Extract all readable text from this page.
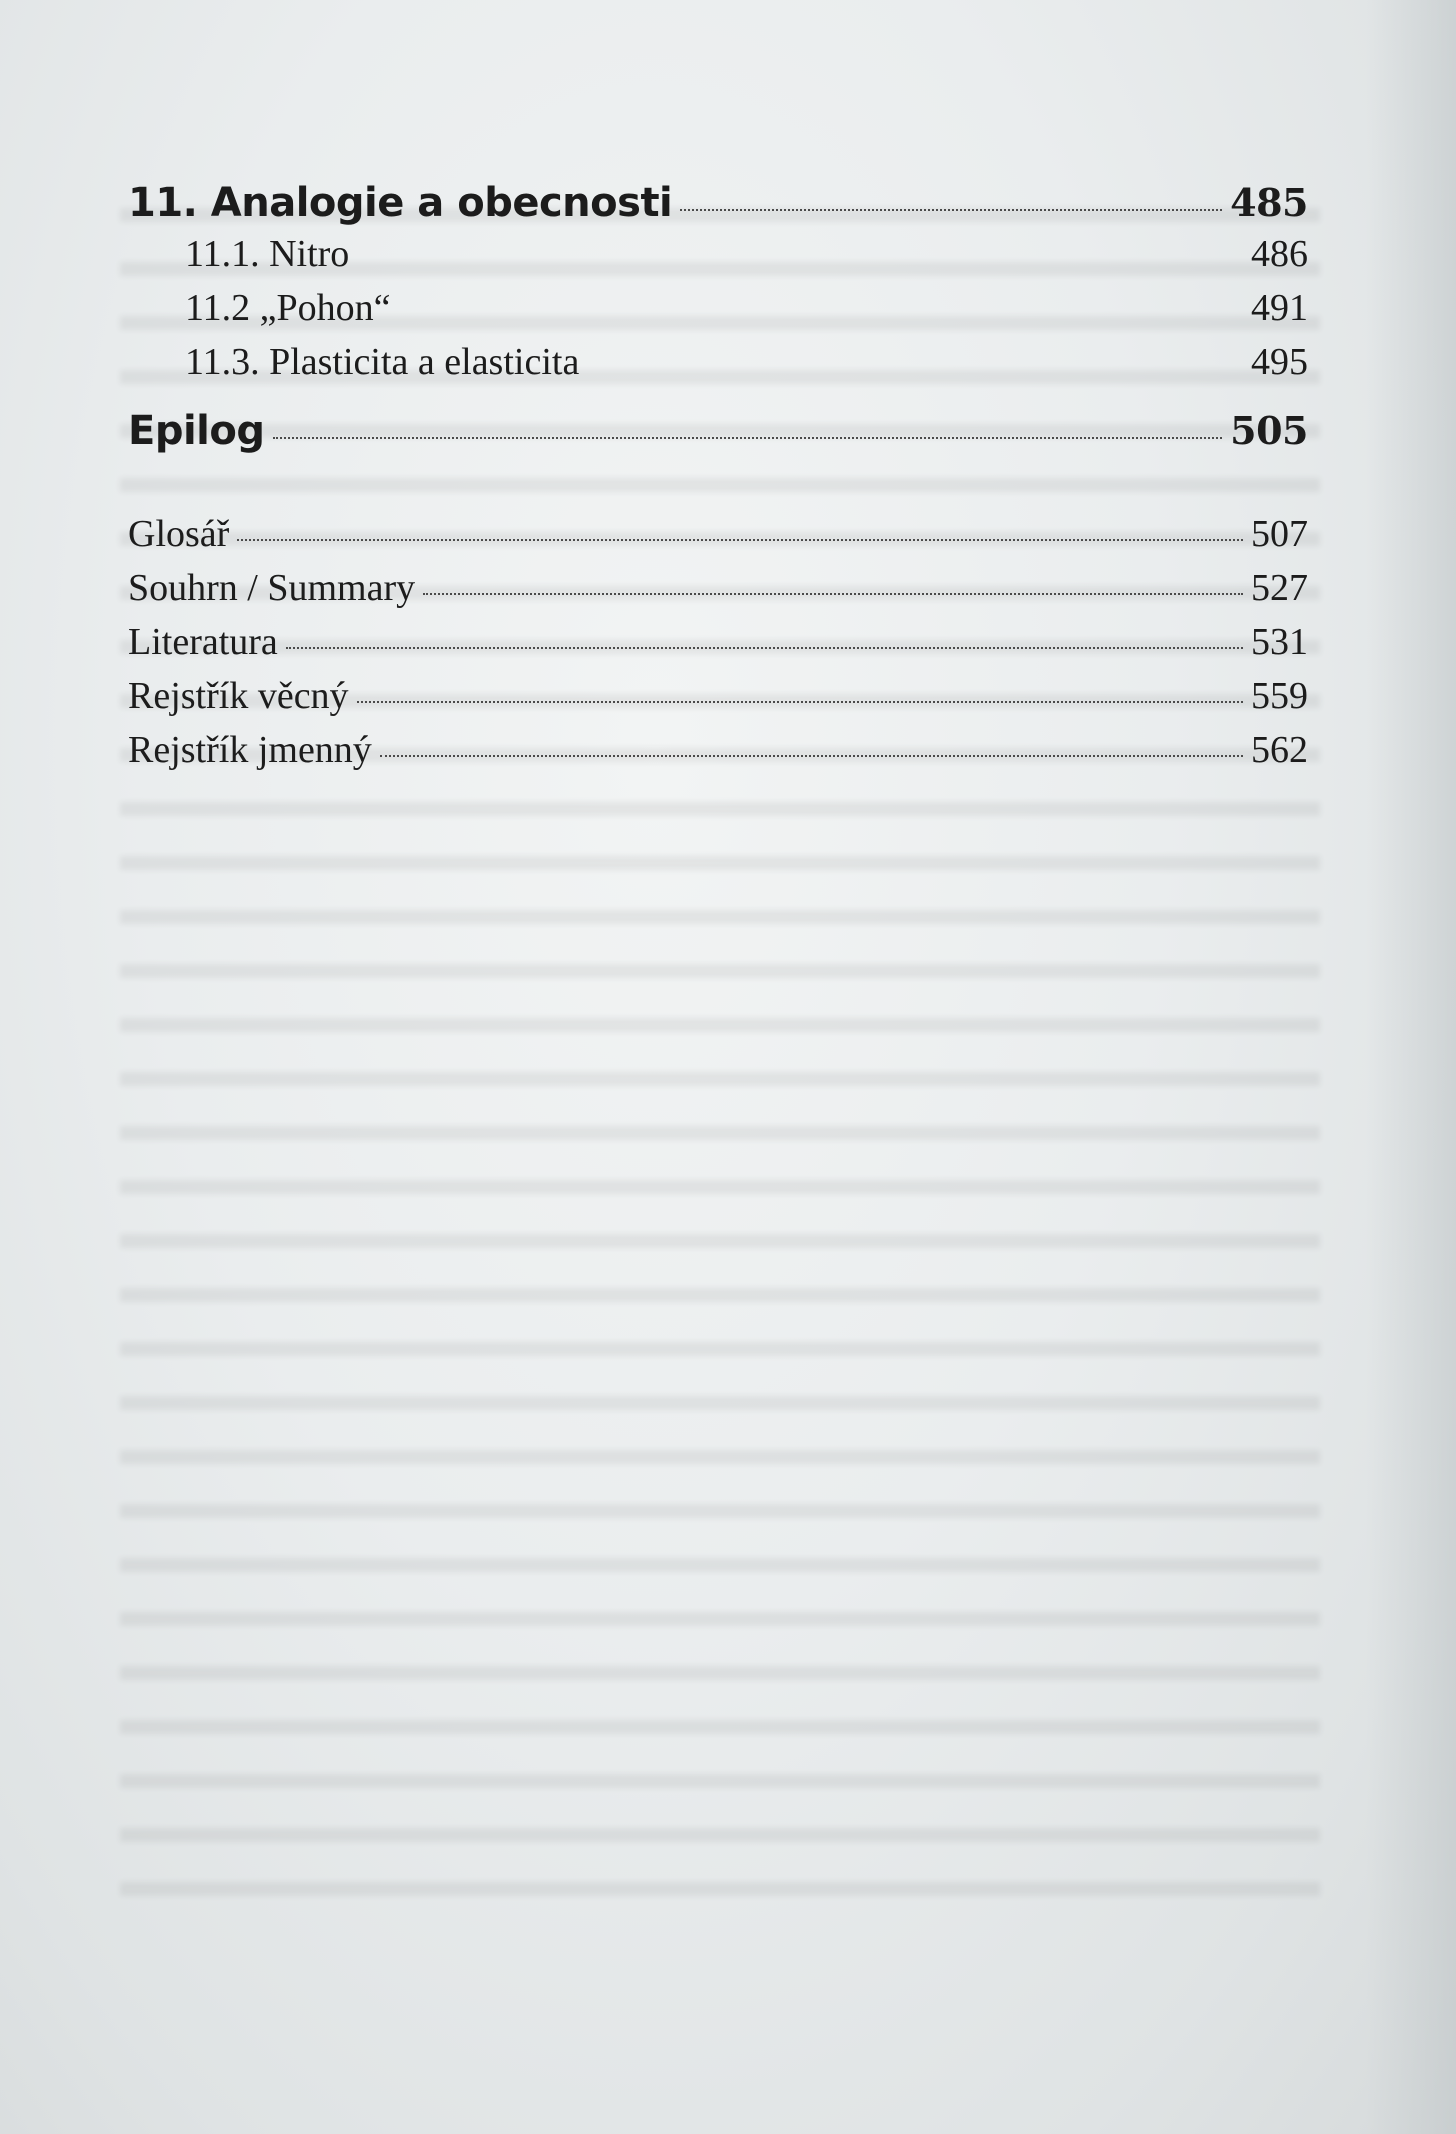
11. Analogie a obecnosti	485
11.1. Nitro	486
11.2 „Pohon“	491
11.3. Plasticita a elasticita	495
Epilog	505
Glosář	507
Souhrn / Summary	527
Literatura	531
Rejstřík věcný	559
Rejstřík jmenný	562
